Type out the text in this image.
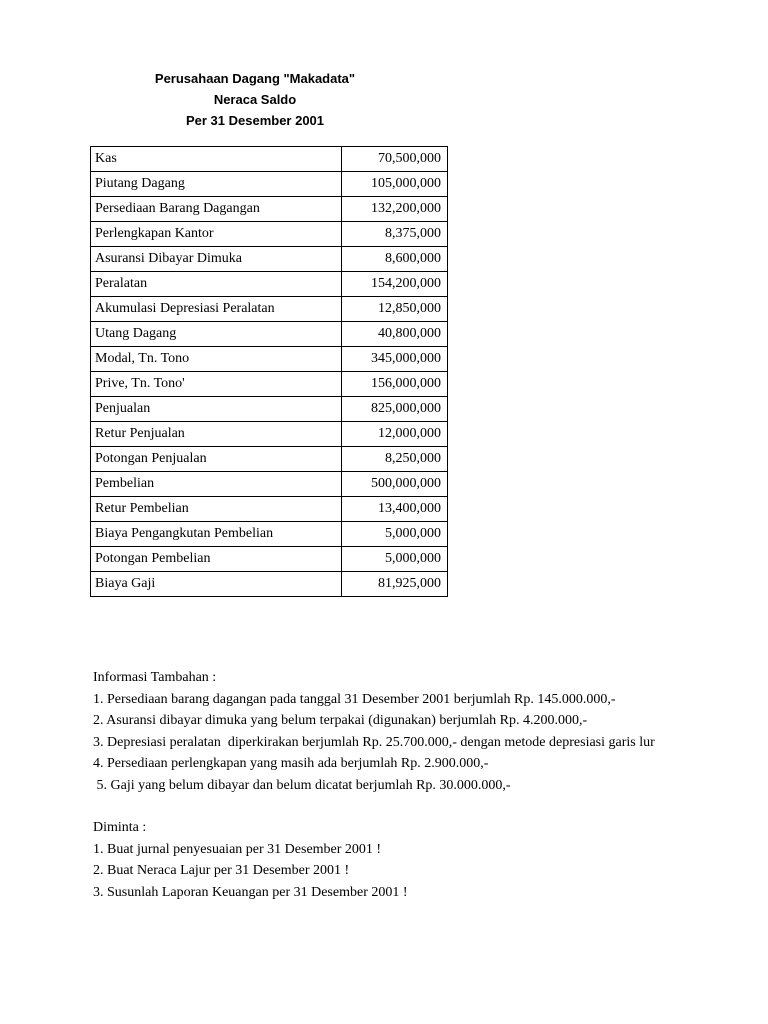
Perusahaan Dagang "Makadata"
Neraca Saldo
Per 31 Desember 2001
Kas	70,500,000
Piutang Dagang	105,000,000
Persediaan Barang Dagangan	132,200,000
Perlengkapan Kantor	8,375,000
Asuransi Dibayar Dimuka	8,600,000
Peralatan	154,200,000
Akumulasi Depresiasi Peralatan	12,850,000
Utang Dagang	40,800,000
Modal, Tn. Tono	345,000,000
Prive, Tn. Tono'	156,000,000
Penjualan	825,000,000
Retur Penjualan	12,000,000
Potongan Penjualan	8,250,000
Pembelian	500,000,000
Retur Pembelian	13,400,000
Biaya Pengangkutan Pembelian	5,000,000
Potongan Pembelian	5,000,000
Biaya Gaji	81,925,000
Informasi Tambahan :
1. Persediaan barang dagangan pada tanggal 31 Desember 2001 berjumlah Rp. 145.000.000,-
2. Asuransi dibayar dimuka yang belum terpakai (digunakan) berjumlah Rp. 4.200.000,-
3. Depresiasi peralatan  diperkirakan berjumlah Rp. 25.700.000,- dengan metode depresiasi garis lur
4. Persediaan perlengkapan yang masih ada berjumlah Rp. 2.900.000,-
5. Gaji yang belum dibayar dan belum dicatat berjumlah Rp. 30.000.000,-
Diminta :
1. Buat jurnal penyesuaian per 31 Desember 2001 !
2. Buat Neraca Lajur per 31 Desember 2001 !
3. Susunlah Laporan Keuangan per 31 Desember 2001 !
